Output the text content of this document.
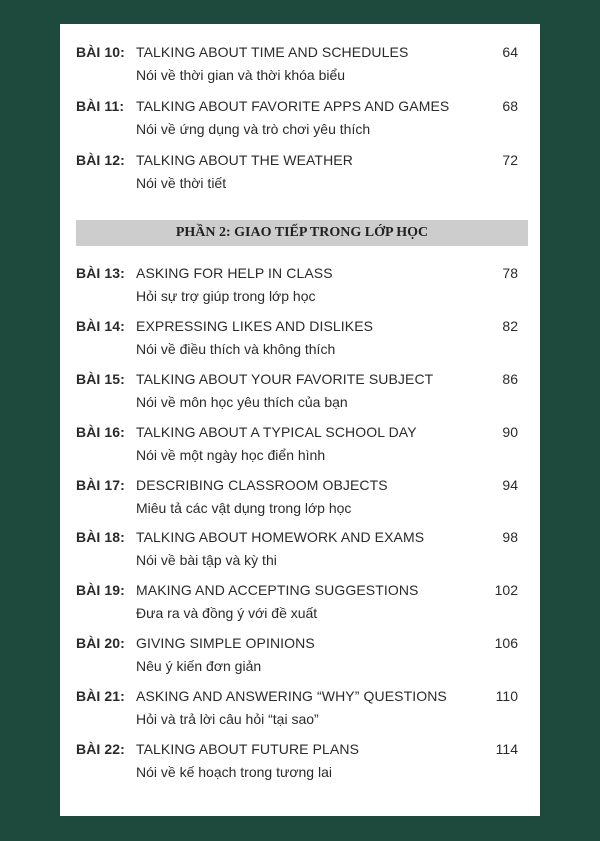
BÀI 10: TALKING ABOUT TIME AND SCHEDULES
Nói về thời gian và thời khóa biểu
64
BÀI 11: TALKING ABOUT FAVORITE APPS AND GAMES
Nói về ứng dụng và trò chơi yêu thích
68
BÀI 12: TALKING ABOUT THE WEATHER
Nói về thời tiết
72
PHẦN 2: GIAO TIẾP TRONG LỚP HỌC
BÀI 13: ASKING FOR HELP IN CLASS
Hỏi sự trợ giúp trong lớp học
78
BÀI 14: EXPRESSING LIKES AND DISLIKES
Nói về điều thích và không thích
82
BÀI 15: TALKING ABOUT YOUR FAVORITE SUBJECT
Nói về môn học yêu thích của bạn
86
BÀI 16: TALKING ABOUT A TYPICAL SCHOOL DAY
Nói về một ngày học điển hình
90
BÀI 17: DESCRIBING CLASSROOM OBJECTS
Miêu tả các vật dụng trong lớp học
94
BÀI 18: TALKING ABOUT HOMEWORK AND EXAMS
Nói về bài tập và kỳ thi
98
BÀI 19: MAKING AND ACCEPTING SUGGESTIONS
Đưa ra và đồng ý với đề xuất
102
BÀI 20: GIVING SIMPLE OPINIONS
Nêu ý kiến đơn giản
106
BÀI 21: ASKING AND ANSWERING “WHY” QUESTIONS
Hỏi và trả lời câu hỏi “tại sao”
110
BÀI 22: TALKING ABOUT FUTURE PLANS
Nói về kế hoạch trong tương lai
114
